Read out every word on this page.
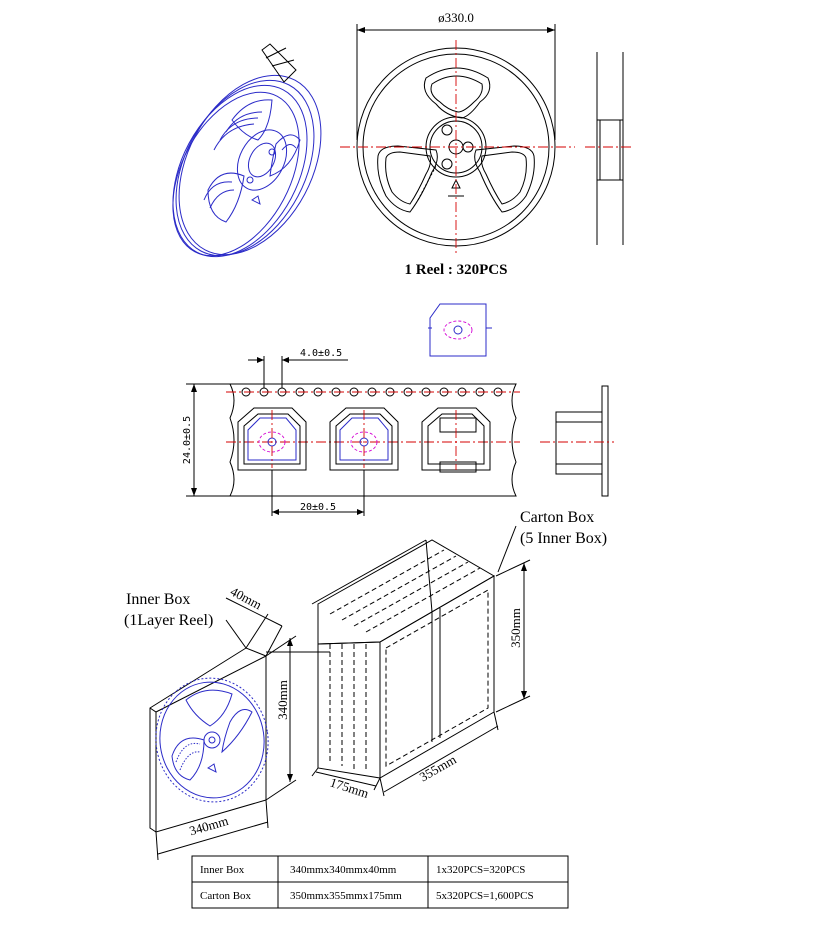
ø330.0
1 Reel : 320PCS
4.0±0.5
24.0±0.5
20±0.5
350mm
175mm
355mm
Carton Box
(5 Inner Box)
40mm
340mm
340mm
Inner Box
(1Layer Reel)
Inner Box	340mmx340mmx40mm	1x320PCS=320PCS
Carton Box	350mmx355mmx175mm	5x320PCS=1,600PCS
